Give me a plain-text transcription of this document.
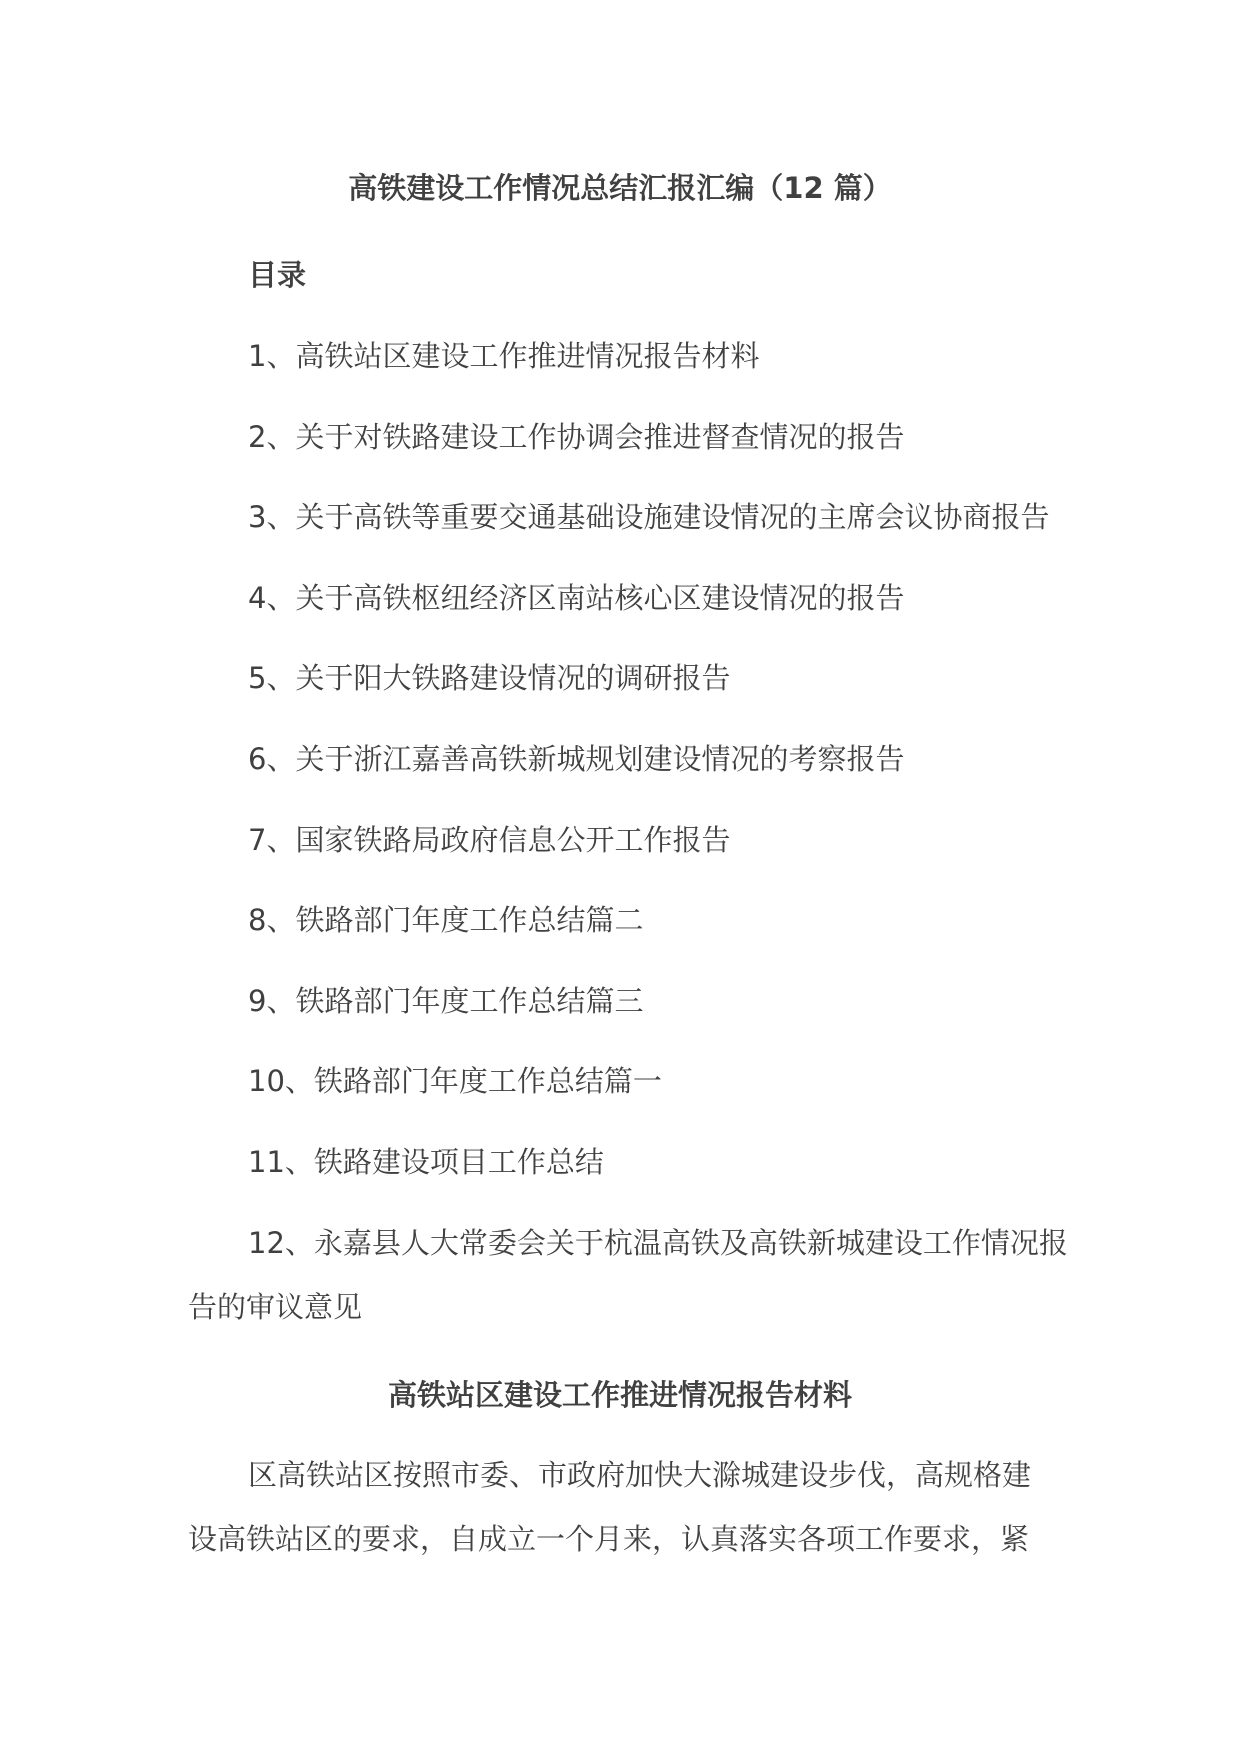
高铁建设工作情况总结汇报汇编（12 篇）
目录
1、高铁站区建设工作推进情况报告材料
2、关于对铁路建设工作协调会推进督查情况的报告
3、关于高铁等重要交通基础设施建设情况的主席会议协商报告
4、关于高铁枢纽经济区南站核心区建设情况的报告
5、关于阳大铁路建设情况的调研报告
6、关于浙江嘉善高铁新城规划建设情况的考察报告
7、国家铁路局政府信息公开工作报告
8、铁路部门年度工作总结篇二
9、铁路部门年度工作总结篇三
10、铁路部门年度工作总结篇一
11、铁路建设项目工作总结
12、永嘉县人大常委会关于杭温高铁及高铁新城建设工作情况报告的审议意见
高铁站区建设工作推进情况报告材料

区高铁站区按照市委、市政府加快大滁城建设步伐，高规格建设高铁站区的要求，自成立一个月来，认真落实各项工作要求，紧
